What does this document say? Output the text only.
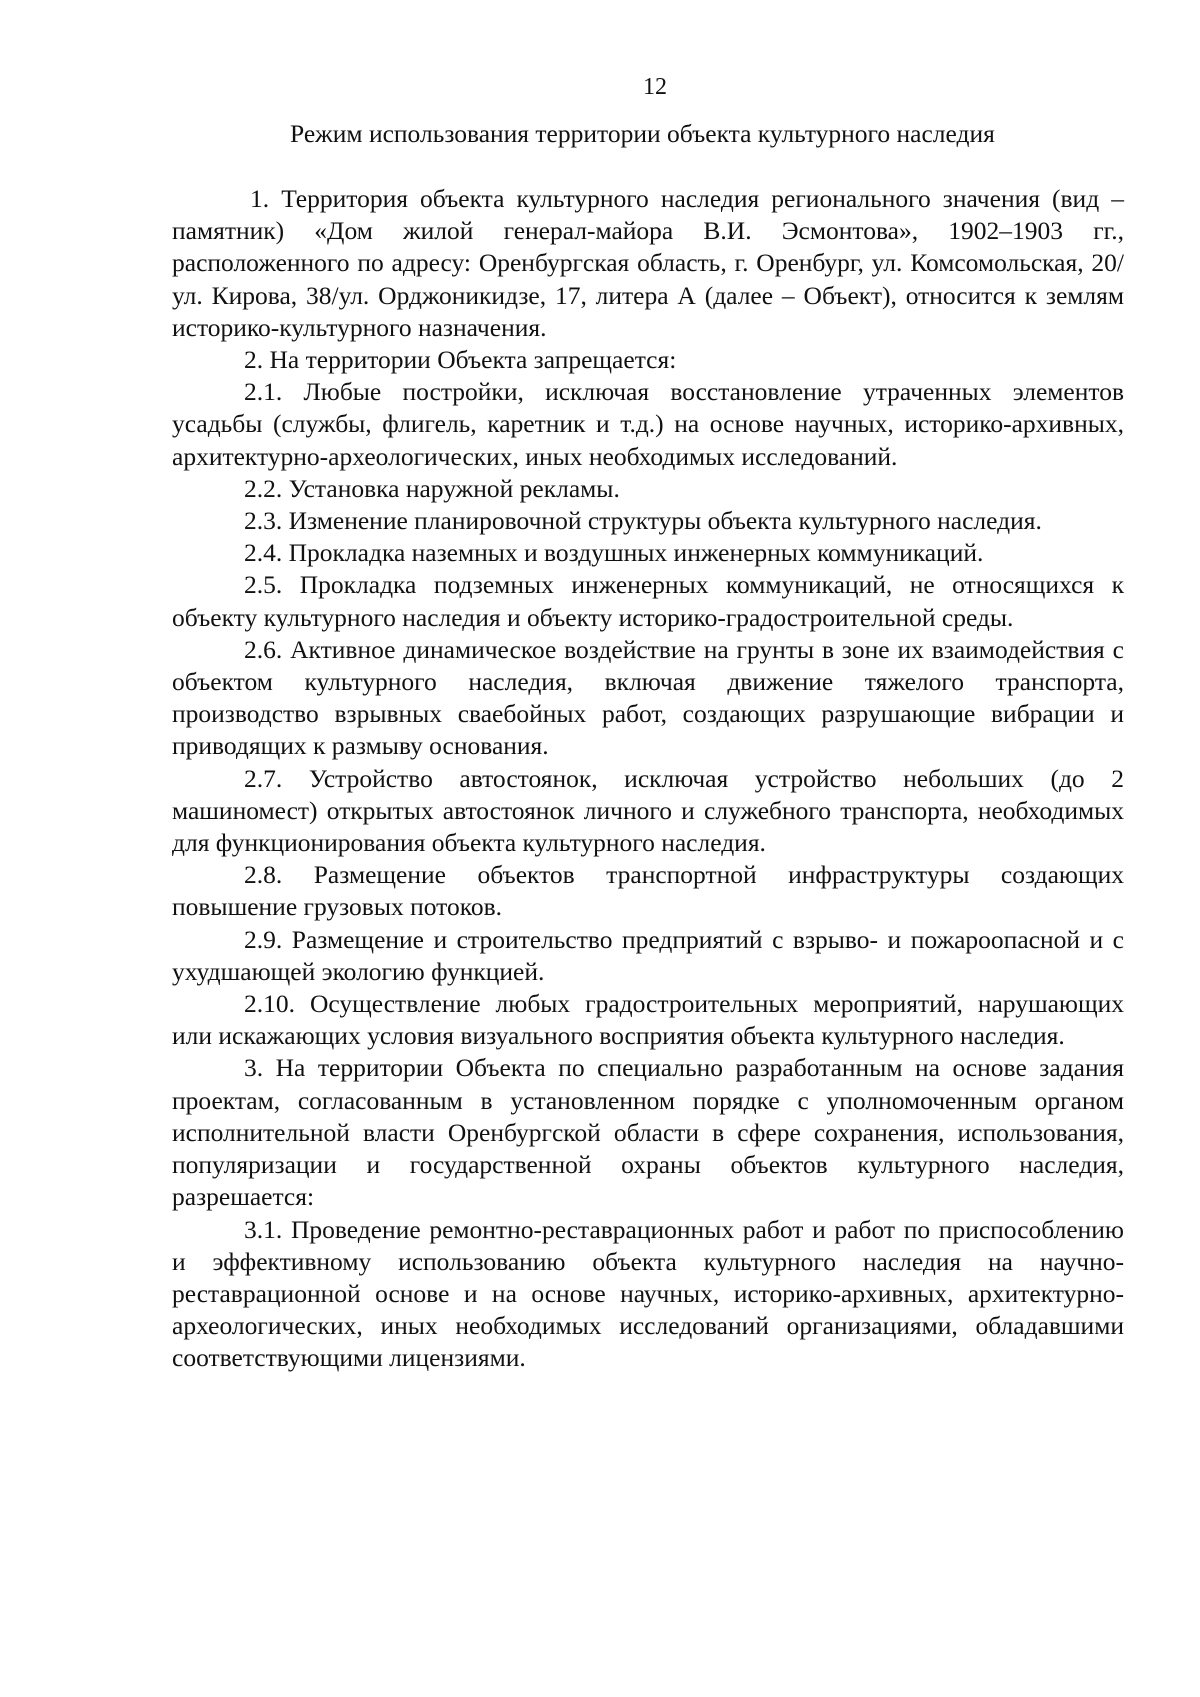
12
Режим использования территории объекта культурного наследия

1. Территория объекта культурного наследия регионального значения (вид – памятник) «Дом жилой генерал-майора В.И. Эсмонтова», 1902–1903 гг., расположенного по адресу: Оренбургская область, г. Оренбург, ул. Комсомольская, 20/ул. Кирова, 38/ул. Орджоникидзе, 17, литера А (далее – Объект), относится к землям историко-культурного назначения.

2. На территории Объекта запрещается:

2.1. Любые постройки, исключая восстановление утраченных элементов усадьбы (службы, флигель, каретник и т.д.) на основе научных, историко-архивных, архитектурно-археологических, иных необходимых исследований.

2.2. Установка наружной рекламы.

2.3. Изменение планировочной структуры объекта культурного наследия.

2.4. Прокладка наземных и воздушных инженерных коммуникаций.

2.5. Прокладка подземных инженерных коммуникаций, не относящихся к объекту культурного наследия и объекту историко-градостроительной среды.

2.6. Активное динамическое воздействие на грунты в зоне их взаимодействия с объектом культурного наследия, включая движение тяжелого транспорта, производство взрывных сваебойных работ, создающих разрушающие вибрации и приводящих к размыву основания.

2.7. Устройство автостоянок, исключая устройство небольших (до 2 машиномест) открытых автостоянок личного и служебного транспорта, необходимых для функционирования объекта культурного наследия.

2.8. Размещение объектов транспортной инфраструктуры создающих повышение грузовых потоков.

2.9. Размещение и строительство предприятий с взрыво- и пожароопасной и с ухудшающей экологию функцией.

2.10. Осуществление любых градостроительных мероприятий, нарушающих или искажающих условия визуального восприятия объекта культурного наследия.

3. На территории Объекта по специально разработанным на основе задания проектам, согласованным в установленном порядке с уполномоченным органом исполнительной власти Оренбургской области в сфере сохранения, использования, популяризации и государственной охраны объектов культурного наследия, разрешается:

3.1. Проведение ремонтно-реставрационных работ и работ по приспособлению и эффективному использованию объекта культурного наследия на научно-реставрационной основе и на основе научных, историко-архивных, архитектурно-археологических, иных необходимых исследований организациями, обладавшими соответствующими лицензиями.
